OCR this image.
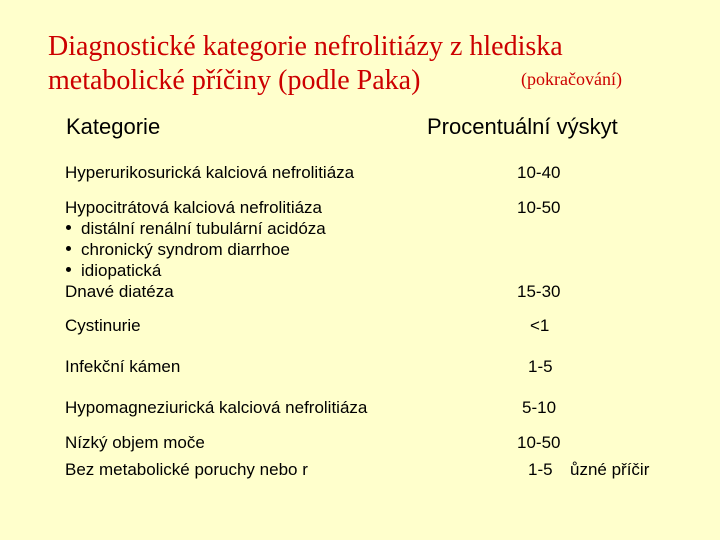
Diagnostické kategorie nefrolitiázy z hlediska
metabolické příčiny (podle Paka)	(pokračování)
Kategorie	Procentuální výskyt
Hyperurikosurická kalciová nefrolitiáza	10-40
Hypocitrátová kalciová nefrolitiáza	10-50
distální renální tubulární acidóza
chronický syndrom diarrhoe
idiopatická
Dnavé diatéza	15-30
Cystinurie	<1
Infekční kámen	1-5
Hypomagneziurická kalciová nefrolitiáza	5-10
Nízký objem moče	10-50
Bez metabolické poruchy nebo r	1-5 ůzné příčir
